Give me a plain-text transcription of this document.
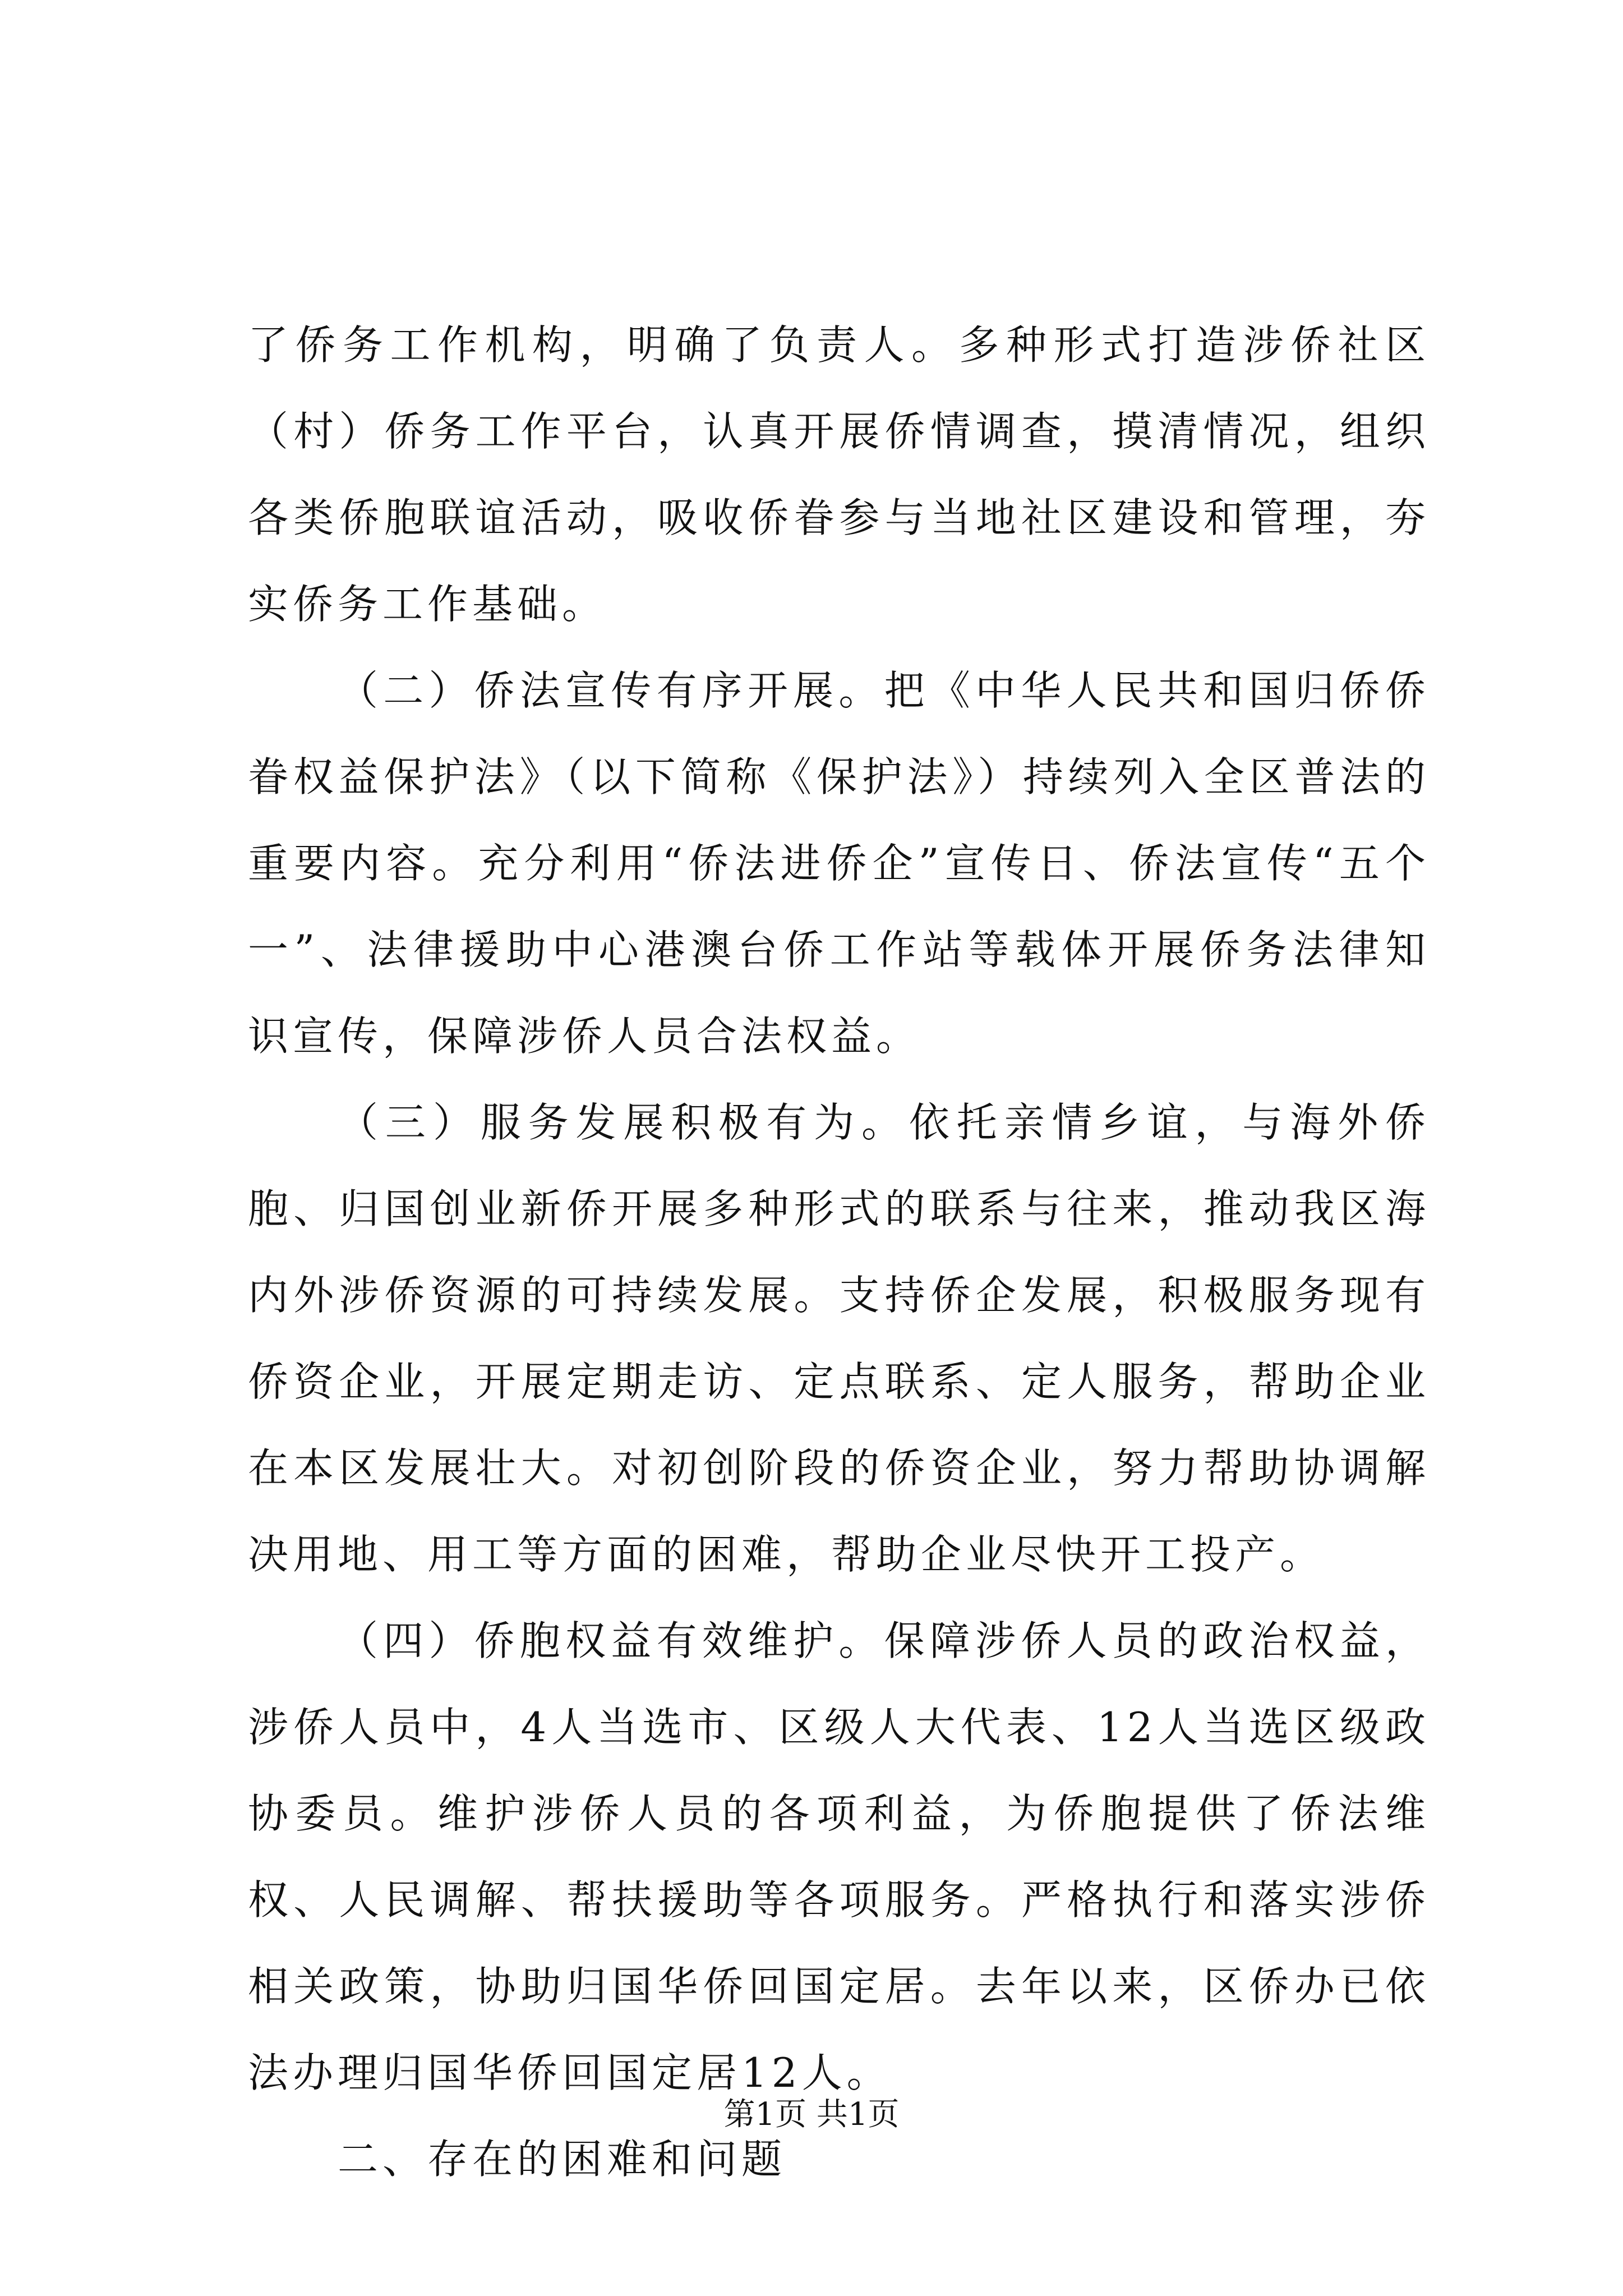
了侨务工作机构，明确了负责人。多种形式打造涉侨社区（村）侨务工作平台，认真开展侨情调查，摸清情况，组织各类侨胞联谊活动，吸收侨眷参与当地社区建设和管理，夯实侨务工作基础。

（二）侨法宣传有序开展。把《中华人民共和国归侨侨眷权益保护法》（以下简称《保护法》）持续列入全区普法的重要内容。充分利用“侨法进侨企”宣传日、侨法宣传“五个一”、法律援助中心港澳台侨工作站等载体开展侨务法律知识宣传，保障涉侨人员合法权益。

（三）服务发展积极有为。依托亲情乡谊，与海外侨胞、归国创业新侨开展多种形式的联系与往来，推动我区海内外涉侨资源的可持续发展。支持侨企发展，积极服务现有侨资企业，开展定期走访、定点联系、定人服务，帮助企业在本区发展壮大。对初创阶段的侨资企业，努力帮助协调解决用地、用工等方面的困难，帮助企业尽快开工投产。

（四）侨胞权益有效维护。保障涉侨人员的政治权益，涉侨人员中，4人当选市、区级人大代表、12人当选区级政协委员。维护涉侨人员的各项利益，为侨胞提供了侨法维权、人民调解、帮扶援助等各项服务。严格执行和落实涉侨相关政策，协助归国华侨回国定居。去年以来，区侨办已依法办理归国华侨回国定居12人。

二、存在的困难和问题

第1页 共1页
